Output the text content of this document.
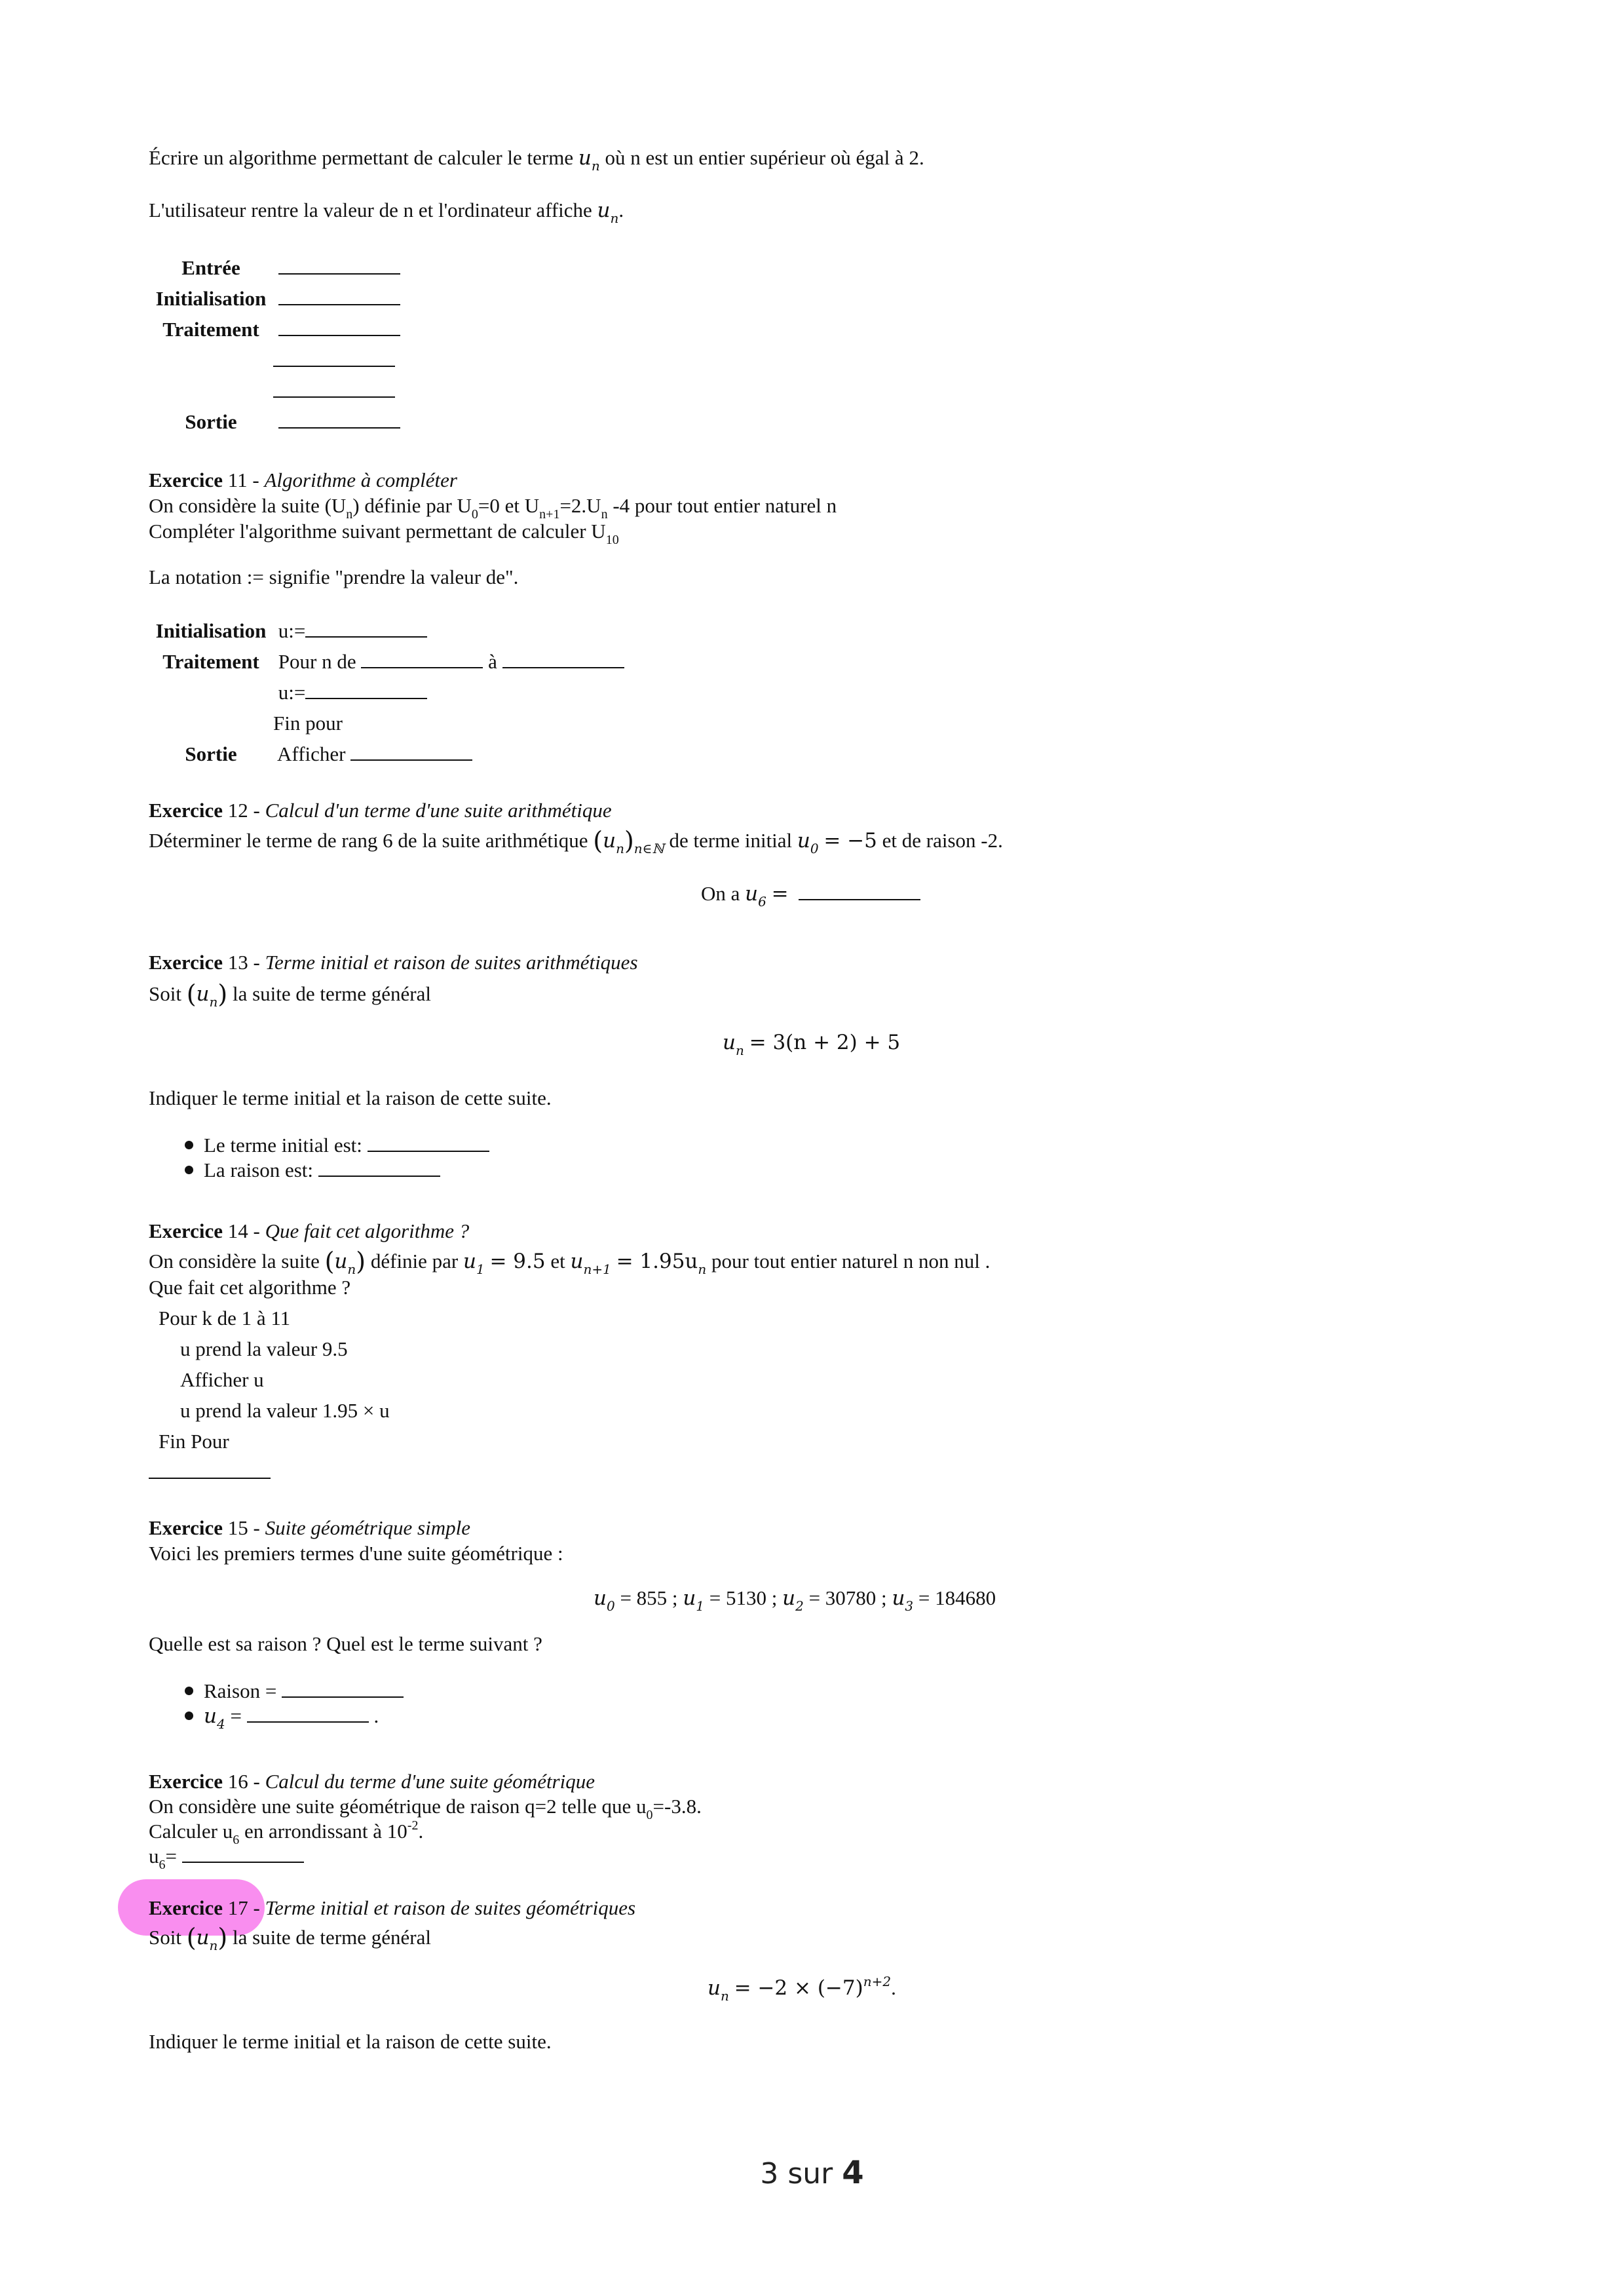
Écrire un algorithme permettant de calculer le terme $u_n$ où n est un entier supérieur où égal à 2.
L'utilisateur rentre la valeur de n et l'ordinateur affiche $u_n$.
Entrée
Initialisation
Traitement
Sortie
Exercice 11 - Algorithme à compléter
On considère la suite $(U_n)$ définie par $U_0=0$ et $U_{n+1}=2.U_n$ -4 pour tout entier naturel n
Compléter l'algorithme suivant permettant de calculer $U_{10}$
La notation := signifie "prendre la valeur de".
Initialisation u:=
Traitement Pour n de	à
u:=
Fin pour
Sortie Afficher
Exercice 12 - Calcul d'un terme d'une suite arithmétique
Déterminer le terme de rang 6 de la suite arithmétique $(u_n)_{n\in ℕ}$ de terme initial $u_0 = -5$ et de raison -2.
On a $u_6$ =
Exercice 13 - Terme initial et raison de suites arithmétiques
Soit $(u_n)$ la suite de terme général
$u_n = 3(n + 2) + 5$
Indiquer le terme initial et la raison de cette suite.
Le terme initial est:
La raison est:
Exercice 14 - Que fait cet algorithme ?
On considère la suite $(u_n)$ définie par $u_1 = 9.5$ et $u_{n+1} = 1.95u_n$ pour tout entier naturel n non nul .
Que fait cet algorithme ?
Pour k de 1 à 11
u prend la valeur 9.5
Afficher u
u prend la valeur 1.95 × u
Fin Pour
Exercice 15 - Suite géométrique simple
Voici les premiers termes d'une suite géométrique :
$u_0 = 855$ ; $u_1 = 5130$ ; $u_2 = 30780$ ; $u_3 = 184680$
Quelle est sa raison ? Quel est le terme suivant ?
Raison =
$u_4$ =	.
Exercice 16 - Calcul du terme d'une suite géométrique
On considère une suite géométrique de raison q=2 telle que $u_0=-3.8$.
Calculer $u_6$ en arrondissant à $10^{-2}$.
$u_6=$
Exercice 17 - Terme initial et raison de suites géométriques
Soit $(u_n)$ la suite de terme général
$u_n = -2 \times (-7)^{n+2}$.
Indiquer le terme initial et la raison de cette suite.
3 sur 4
